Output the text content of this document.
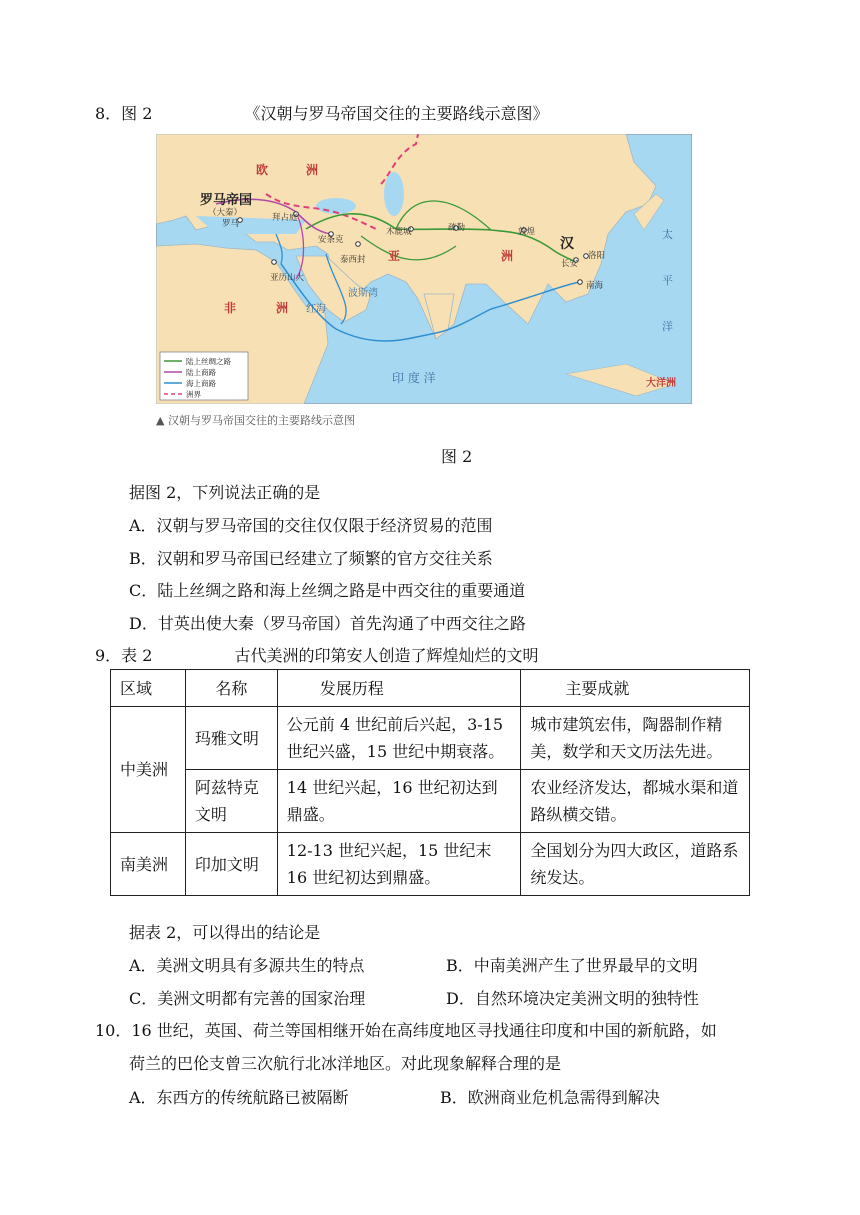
8．图 2	《汉朝与罗马帝国交往的主要路线示意图》
欧	洲
亚	洲
非	洲
大洋洲
罗马帝国
汉
（大秦）
罗马
拜占庭
安条克
泰西封
亚历山大
木鹿城	疏勒	敦煌
长安
洛阳
南海
红海
波斯湾
印 度 洋
太
平
洋
陆上丝绸之路
陆上商路
海上商路
洲界
▲ 汉朝与罗马帝国交往的主要路线示意图
图 2
据图 2，下列说法正确的是
A．汉朝与罗马帝国的交往仅仅限于经济贸易的范围
B．汉朝和罗马帝国已经建立了频繁的官方交往关系
C．陆上丝绸之路和海上丝绸之路是中西交往的重要通道
D．甘英出使大秦（罗马帝国）首先沟通了中西交往之路
9．表 2	古代美洲的印第安人创造了辉煌灿烂的文明
区域	名称	发展历程	主要成就
中美洲	玛雅文明	公元前 4 世纪前后兴起，3-15 世纪兴盛，15 世纪中期衰落。	城市建筑宏伟，陶器制作精美，数学和天文历法先进。
	阿兹特克文明	14 世纪兴起，16 世纪初达到鼎盛。	农业经济发达，都城水渠和道路纵横交错。
南美洲	印加文明	12-13 世纪兴起，15 世纪末 16 世纪初达到鼎盛。	全国划分为四大政区，道路系统发达。
据表 2，可以得出的结论是
A．美洲文明具有多源共生的特点	B．中南美洲产生了世界最早的文明
C．美洲文明都有完善的国家治理	D．自然环境决定美洲文明的独特性
10．16 世纪，英国、荷兰等国相继开始在高纬度地区寻找通往印度和中国的新航路，如
荷兰的巴伦支曾三次航行北冰洋地区。对此现象解释合理的是
A．东西方的传统航路已被隔断	B．欧洲商业危机急需得到解决
